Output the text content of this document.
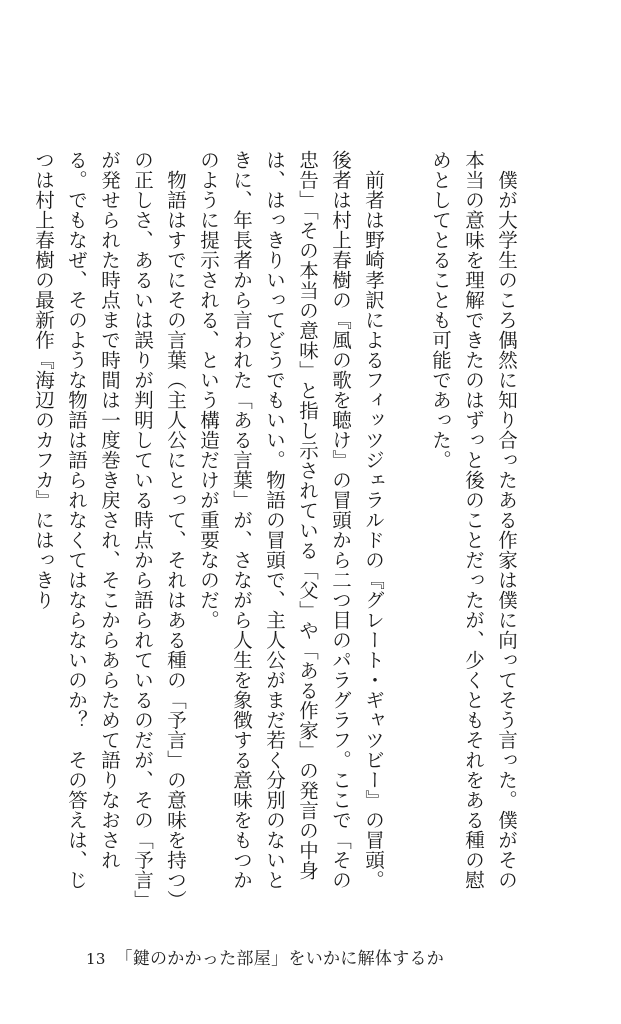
僕が大学生のころ偶然に知り合ったある作家は僕に向ってそう言った。僕がその本当の意味を理解できたのはずっと後のことだったが、少くともそれをある種の慰めとしてとることも可能であった。

前者は野崎孝訳によるフィッツジェラルドの『グレート・ギャツビー』の冒頭。後者は村上春樹の『風の歌を聴け』の冒頭から二つ目のパラグラフ。ここで「その忠告」「その本当の意味」と指し示されている「父」や「ある作家」の発言の中身は、はっきりいってどうでもいい。物語の冒頭で、主人公がまだ若く分別のないときに、年長者から言われた「ある言葉」が、さながら人生を象徴する意味をもつかのように提示される、という構造だけが重要なのだ。

物語はすでにその言葉（主人公にとって、それはある種の「予言」の意味を持つ）の正しさ、あるいは誤りが判明している時点から語られているのだが、その「予言」が発せられた時点まで時間は一度巻き戻され、そこからあらためて語りなおされる。でもなぜ、そのような物語は語られなくてはならないのか？　その答えは、じつは村上春樹の最新作『海辺のカフカ』にはっきり

13 「鍵のかかった部屋」をいかに解体するか
